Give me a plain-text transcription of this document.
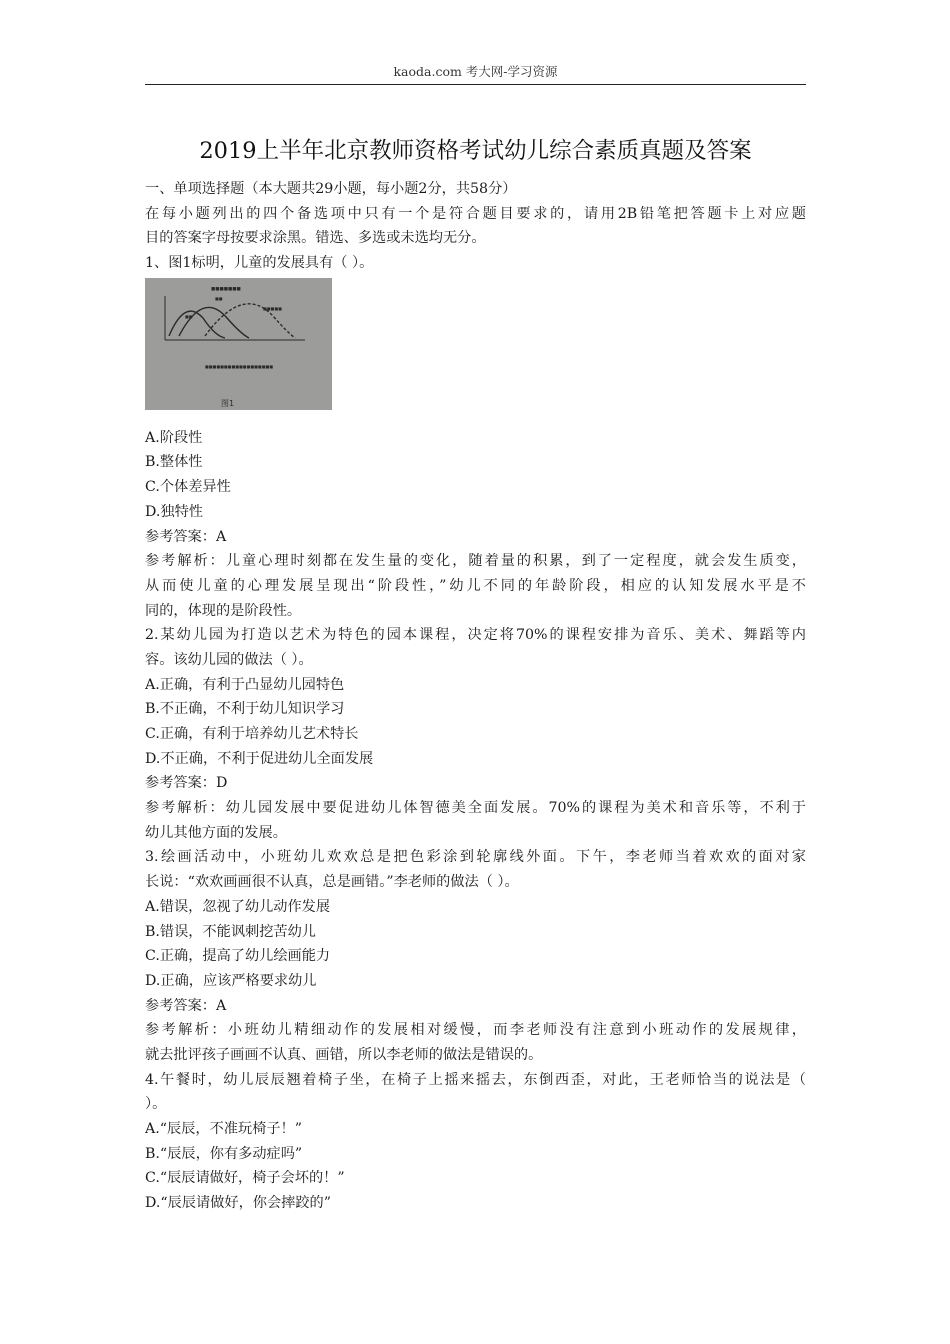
kaoda.com 考大网-学习资源
2019上半年北京教师资格考试幼儿综合素质真题及答案
一、单项选择题（本大题共29小题，每小题2分，共58分）
在每小题列出的四个备选项中只有一个是符合题目要求的，请用2B铅笔把答题卡上对应题
目的答案字母按要求涂黑。错选、多选或未选均无分。
1、图1标明，儿童的发展具有（ ）。
■■■■■■■
■■
■■
■■■■■
■■■■■■■■■■■■■■■■■■
图1
A.阶段性
B.整体性
C.个体差异性
D.独特性
参考答案：A
参考解析：儿童心理时刻都在发生量的变化，随着量的积累，到了一定程度，就会发生质变，
从而使儿童的心理发展呈现出“阶段性，”幼儿不同的年龄阶段，相应的认知发展水平是不
同的，体现的是阶段性。
2.某幼儿园为打造以艺术为特色的园本课程，决定将70%的课程安排为音乐、美术、舞蹈等内
容。该幼儿园的做法（ ）。
A.正确，有利于凸显幼儿园特色
B.不正确，不利于幼儿知识学习
C.正确，有利于培养幼儿艺术特长
D.不正确，不利于促进幼儿全面发展
参考答案：D
参考解析：幼儿园发展中要促进幼儿体智德美全面发展。70%的课程为美术和音乐等，不利于
幼儿其他方面的发展。
3.绘画活动中，小班幼儿欢欢总是把色彩涂到轮廓线外面。下午，李老师当着欢欢的面对家
长说：“欢欢画画很不认真，总是画错。”李老师的做法（ ）。
A.错误，忽视了幼儿动作发展
B.错误，不能讽刺挖苦幼儿
C.正确，提高了幼儿绘画能力
D.正确，应该严格要求幼儿
参考答案：A
参考解析：小班幼儿精细动作的发展相对缓慢，而李老师没有注意到小班动作的发展规律，
就去批评孩子画画不认真、画错，所以李老师的做法是错误的。
4.午餐时，幼儿辰辰翘着椅子坐，在椅子上摇来摇去，东倒西歪，对此，王老师恰当的说法是（
）。
A.“辰辰，不准玩椅子！”
B.“辰辰，你有多动症吗”
C.“辰辰请做好，椅子会坏的！”
D.“辰辰请做好，你会摔跤的”
